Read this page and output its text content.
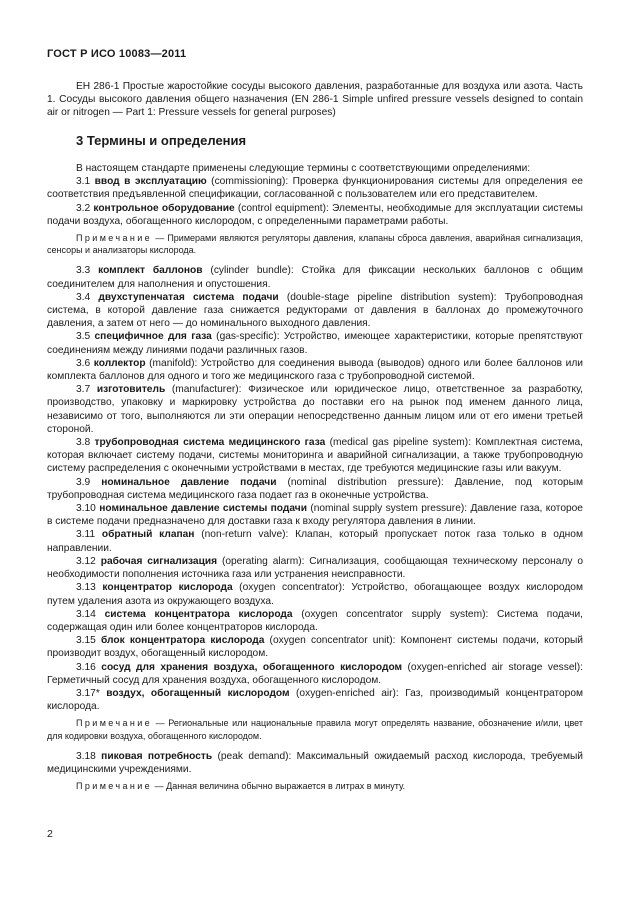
ГОСТ Р ИСО 10083—2011

ЕН 286-1 Простые жаростойкие сосуды высокого давления, разработанные для воздуха или азота. Часть 1. Сосуды высокого давления общего назначения (EN 286-1 Simple unfired pressure vessels designed to contain air or nitrogen — Part 1: Pressure vessels for general purposes)

3 Термины и определения

В настоящем стандарте применены следующие термины с соответствующими определениями:

3.1 ввод в эксплуатацию (commissioning): Проверка функционирования системы для определения ее соответствия предъявленной спецификации, согласованной с пользователем или его представителем.

3.2 контрольное оборудование (control equipment): Элементы, необходимые для эксплуатации системы подачи воздуха, обогащенного кислородом, с определенными параметрами работы.

Примечание — Примерами являются регуляторы давления, клапаны сброса давления, аварийная сигнализация, сенсоры и анализаторы кислорода.

3.3 комплект баллонов (cylinder bundle): Стойка для фиксации нескольких баллонов с общим соединителем для наполнения и опустошения.

3.4 двухступенчатая система подачи (double-stage pipeline distribution system): Трубопроводная система, в которой давление газа снижается редукторами от давления в баллонах до промежуточного давления, а затем от него — до номинального выходного давления.

3.5 специфичное для газа (gas-specific): Устройство, имеющее характеристики, которые препятствуют соединениям между линиями подачи различных газов.

3.6 коллектор (manifold): Устройство для соединения вывода (выводов) одного или более баллонов или комплекта баллонов для одного и того же медицинского газа с трубопроводной системой.

3.7 изготовитель (manufacturer): Физическое или юридическое лицо, ответственное за разработку, производство, упаковку и маркировку устройства до поставки его на рынок под именем данного лица, независимо от того, выполняются ли эти операции непосредственно данным лицом или от его имени третьей стороной.

3.8 трубопроводная система медицинского газа (medical gas pipeline system): Комплектная система, которая включает систему подачи, системы мониторинга и аварийной сигнализации, а также трубопроводную систему распределения с оконечными устройствами в местах, где требуются медицинские газы или вакуум.

3.9 номинальное давление подачи (nominal distribution pressure): Давление, под которым трубопроводная система медицинского газа подает газ в оконечные устройства.

3.10 номинальное давление системы подачи (nominal supply system pressure): Давление газа, которое в системе подачи предназначено для доставки газа к входу регулятора давления в линии.

3.11 обратный клапан (non-return valve): Клапан, который пропускает поток газа только в одном направлении.

3.12 рабочая сигнализация (operating alarm): Сигнализация, сообщающая техническому персоналу о необходимости пополнения источника газа или устранения неисправности.

3.13 концентратор кислорода (oxygen concentrator): Устройство, обогащающее воздух кислородом путем удаления азота из окружающего воздуха.

3.14 система концентратора кислорода (oxygen concentrator supply system): Система подачи, содержащая один или более концентраторов кислорода.

3.15 блок концентратора кислорода (oxygen concentrator unit): Компонент системы подачи, который производит воздух, обогащенный кислородом.

3.16 сосуд для хранения воздуха, обогащенного кислородом (oxygen-enriched air storage vessel): Герметичный сосуд для хранения воздуха, обогащенного кислородом.

3.17* воздух, обогащенный кислородом (oxygen-enriched air): Газ, производимый концентратором кислорода.

Примечание — Региональные или национальные правила могут определять название, обозначение и/или, цвет для кодировки воздуха, обогащенного кислородом.

3.18 пиковая потребность (peak demand): Максимальный ожидаемый расход кислорода, требуемый медицинскими учреждениями.

Примечание — Данная величина обычно выражается в литрах в минуту.

2
